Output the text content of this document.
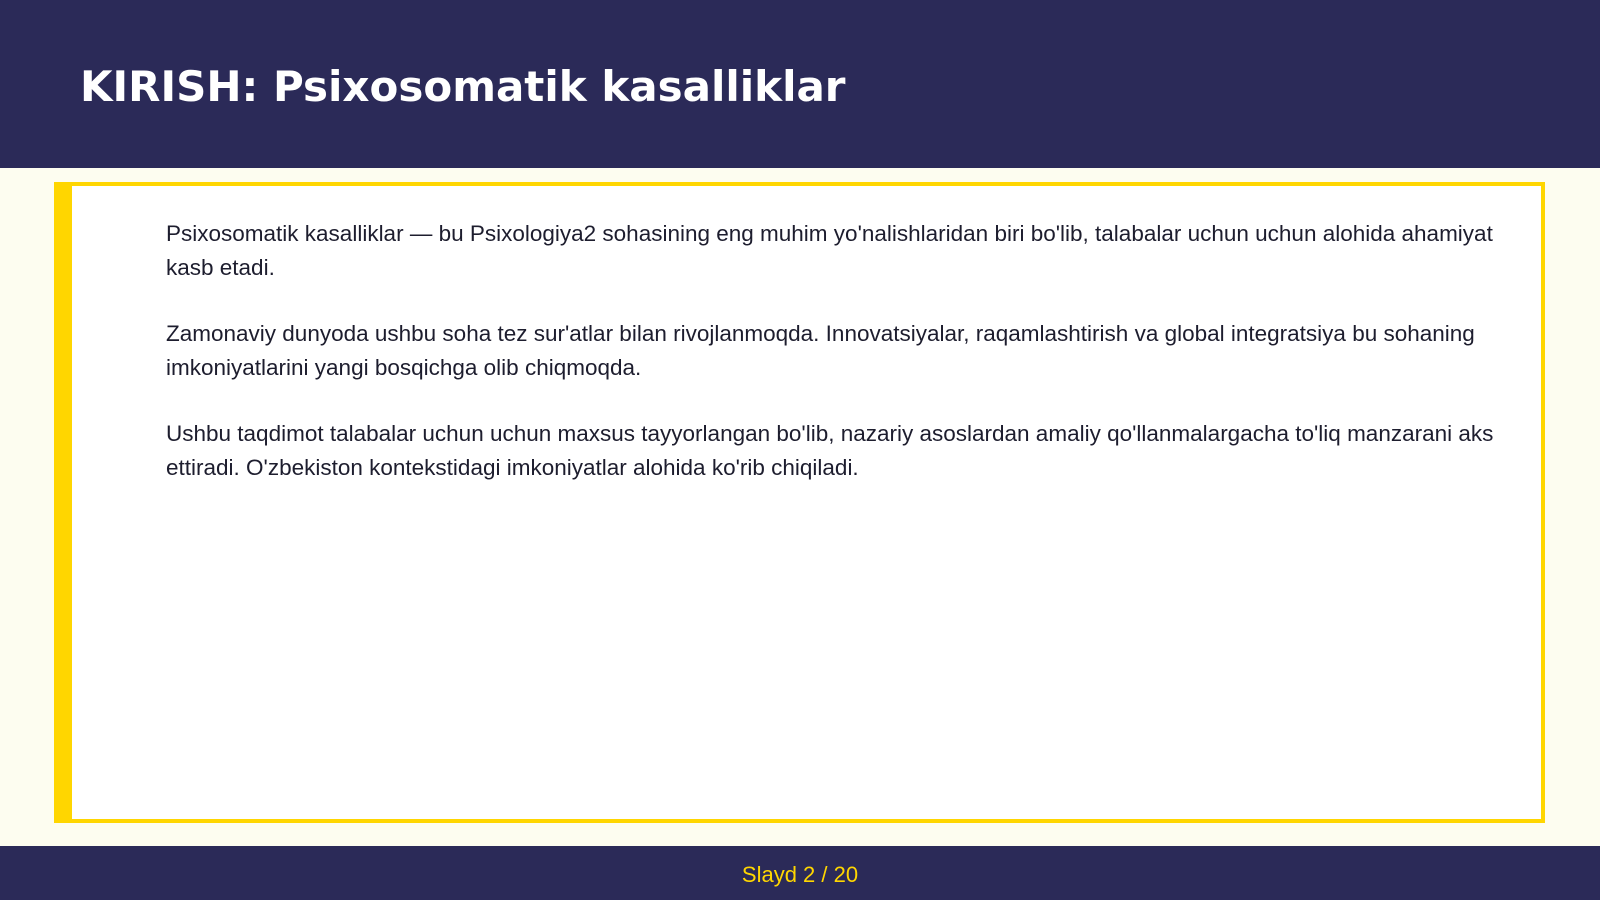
KIRISH: Psixosomatik kasalliklar

Psixosomatik kasalliklar — bu Psixologiya2 sohasining eng muhim yo'nalishlaridan biri bo'lib, talabalar uchun uchun alohida ahamiyat kasb etadi.

Zamonaviy dunyoda ushbu soha tez sur'atlar bilan rivojlanmoqda. Innovatsiyalar, raqamlashtirish va global integratsiya bu sohaning imkoniyatlarini yangi bosqichga olib chiqmoqda.

Ushbu taqdimot talabalar uchun uchun maxsus tayyorlangan bo'lib, nazariy asoslardan amaliy qo'llanmalargacha to'liq manzarani aks ettiradi. O'zbekiston kontekstidagi imkoniyatlar alohida ko'rib chiqiladi.

Slayd 2 / 20
